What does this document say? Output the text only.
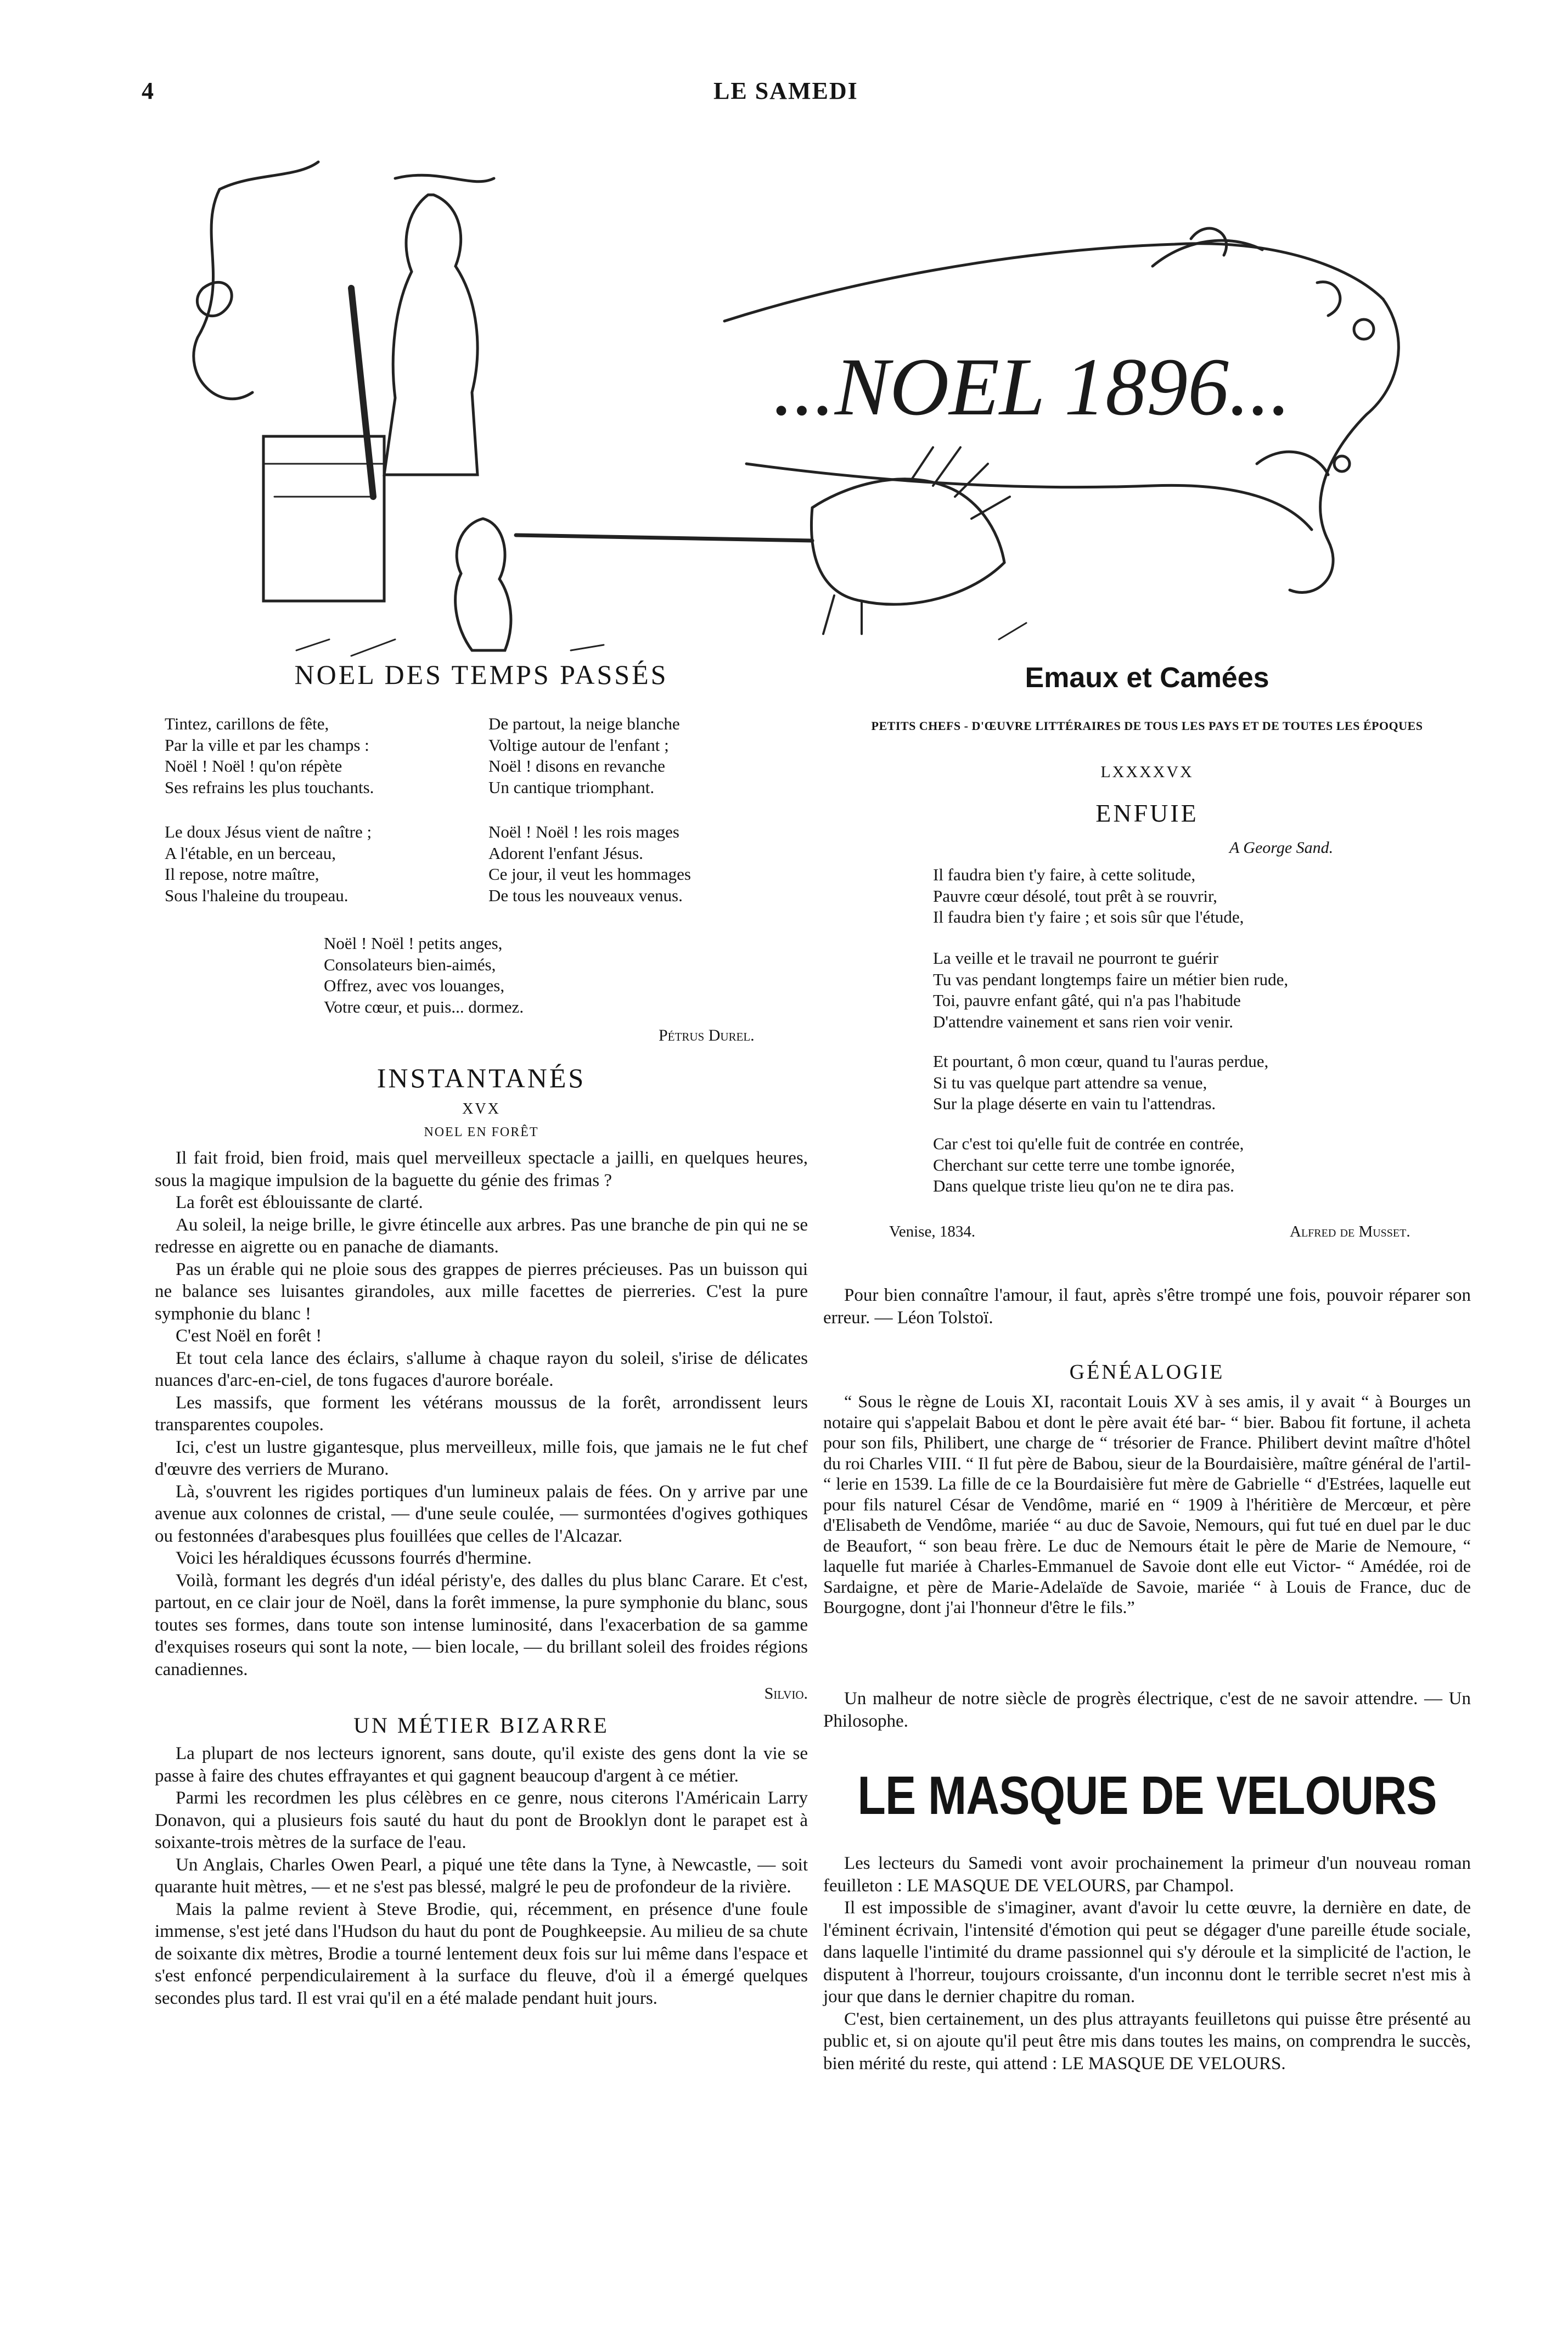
4	LE SAMEDI
...NOEL 1896...
NOEL DES TEMPS PASSÉS
Tintez, carillons de fête,
Par la ville et par les champs :
Noël ! Noël ! qu'on répète
Ses refrains les plus touchants.
De partout, la neige blanche
Voltige autour de l'enfant ;
Noël ! disons en revanche
Un cantique triomphant.
Le doux Jésus vient de naître ;
A l'étable, en un berceau,
Il repose, notre maître,
Sous l'haleine du troupeau.
Noël ! Noël ! les rois mages
Adorent l'enfant Jésus.
Ce jour, il veut les hommages
De tous les nouveaux venus.
Noël ! Noël ! petits anges,
Consolateurs bien-aimés,
Offrez, avec vos louanges,
Votre cœur, et puis... dormez.
Pétrus Durel.
INSTANTANÉS
XVX
NOEL EN FORÊT

Il fait froid, bien froid, mais quel merveilleux spectacle a jailli, en quelques heures, sous la magique impulsion de la baguette du génie des frimas ?

La forêt est éblouissante de clarté.

Au soleil, la neige brille, le givre étincelle aux arbres. Pas une branche de pin qui ne se redresse en aigrette ou en panache de diamants.

Pas un érable qui ne ploie sous des grappes de pierres précieuses. Pas un buisson qui ne balance ses luisantes girandoles, aux mille facettes de pierreries. C'est la pure symphonie du blanc !

C'est Noël en forêt !

Et tout cela lance des éclairs, s'allume à chaque rayon du soleil, s'irise de délicates nuances d'arc-en-ciel, de tons fugaces d'aurore boréale.

Les massifs, que forment les vétérans moussus de la forêt, arrondissent leurs transparentes coupoles.

Ici, c'est un lustre gigantesque, plus merveilleux, mille fois, que jamais ne le fut chef d'œuvre des verriers de Murano.

Là, s'ouvrent les rigides portiques d'un lumineux palais de fées. On y arrive par une avenue aux colonnes de cristal, — d'une seule coulée, — surmontées d'ogives gothiques ou festonnées d'arabesques plus fouillées que celles de l'Alcazar.

Voici les héraldiques écussons fourrés d'hermine.

Voilà, formant les degrés d'un idéal péristy'e, des dalles du plus blanc Carare. Et c'est, partout, en ce clair jour de Noël, dans la forêt immense, la pure symphonie du blanc, sous toutes ses formes, dans toute son intense luminosité, dans l'exacerbation de sa gamme d'exquises roseurs qui sont la note, — bien locale, — du brillant soleil des froides régions canadiennes.

Silvio.
UN MÉTIER BIZARRE

La plupart de nos lecteurs ignorent, sans doute, qu'il existe des gens dont la vie se passe à faire des chutes effrayantes et qui gagnent beaucoup d'argent à ce métier.

Parmi les recordmen les plus célèbres en ce genre, nous citerons l'Américain Larry Donavon, qui a plusieurs fois sauté du haut du pont de Brooklyn dont le parapet est à soixante-trois mètres de la surface de l'eau.

Un Anglais, Charles Owen Pearl, a piqué une tête dans la Tyne, à Newcastle, — soit quarante huit mètres, — et ne s'est pas blessé, malgré le peu de profondeur de la rivière.

Mais la palme revient à Steve Brodie, qui, récemment, en présence d'une foule immense, s'est jeté dans l'Hudson du haut du pont de Poughkeepsie. Au milieu de sa chute de soixante dix mètres, Brodie a tourné lentement deux fois sur lui même dans l'espace et s'est enfoncé perpendiculairement à la surface du fleuve, d'où il a émergé quelques secondes plus tard. Il est vrai qu'il en a été malade pendant huit jours.

Emaux et Camées
PETITS CHEFS - D'ŒUVRE LITTÉRAIRES DE TOUS LES PAYS ET DE TOUTES LES ÉPOQUES
LXXXXVX
ENFUIE
A George Sand.
Il faudra bien t'y faire, à cette solitude,
Pauvre cœur désolé, tout prêt à se rouvrir,
Il faudra bien t'y faire ; et sois sûr que l'étude,
La veille et le travail ne pourront te guérir
Tu vas pendant longtemps faire un métier bien rude,
Toi, pauvre enfant gâté, qui n'a pas l'habitude
D'attendre vainement et sans rien voir venir.
Et pourtant, ô mon cœur, quand tu l'auras perdue,
Si tu vas quelque part attendre sa venue,
Sur la plage déserte en vain tu l'attendras.
Car c'est toi qu'elle fuit de contrée en contrée,
Cherchant sur cette terre une tombe ignorée,
Dans quelque triste lieu qu'on ne te dira pas.
Venise, 1834.	Alfred de Musset.

Pour bien connaître l'amour, il faut, après s'être trompé une fois, pouvoir réparer son erreur. — Léon Tolstoï.

GÉNÉALOGIE

“ Sous le règne de Louis XI, racontait Louis XV à ses amis, il y avait “ à Bourges un notaire qui s'appelait Babou et dont le père avait été bar- “ bier. Babou fit fortune, il acheta pour son fils, Philibert, une charge de “ trésorier de France. Philibert devint maître d'hôtel du roi Charles VIII. “ Il fut père de Babou, sieur de la Bourdaisière, maître général de l'artil- “ lerie en 1539. La fille de ce la Bourdaisière fut mère de Gabrielle “ d'Estrées, laquelle eut pour fils naturel César de Vendôme, marié en “ 1909 à l'héritière de Mercœur, et père d'Elisabeth de Vendôme, mariée “ au duc de Savoie, Nemours, qui fut tué en duel par le duc de Beaufort, “ son beau frère. Le duc de Nemours était le père de Marie de Nemoure, “ laquelle fut mariée à Charles-Emmanuel de Savoie dont elle eut Victor- “ Amédée, roi de Sardaigne, et père de Marie-Adelaïde de Savoie, mariée “ à Louis de France, duc de Bourgogne, dont j'ai l'honneur d'être le fils.”

Un malheur de notre siècle de progrès électrique, c'est de ne savoir attendre. — Un Philosophe.

LE MASQUE DE VELOURS

Les lecteurs du Samedi vont avoir prochainement la primeur d'un nouveau roman feuilleton : LE MASQUE DE VELOURS, par Champol.

Il est impossible de s'imaginer, avant d'avoir lu cette œuvre, la dernière en date, de l'éminent écrivain, l'intensité d'émotion qui peut se dégager d'une pareille étude sociale, dans laquelle l'intimité du drame passionnel qui s'y déroule et la simplicité de l'action, le disputent à l'horreur, toujours croissante, d'un inconnu dont le terrible secret n'est mis à jour que dans le dernier chapitre du roman.

C'est, bien certainement, un des plus attrayants feuilletons qui puisse être présenté au public et, si on ajoute qu'il peut être mis dans toutes les mains, on comprendra le succès, bien mérité du reste, qui attend : LE MASQUE DE VELOURS.
